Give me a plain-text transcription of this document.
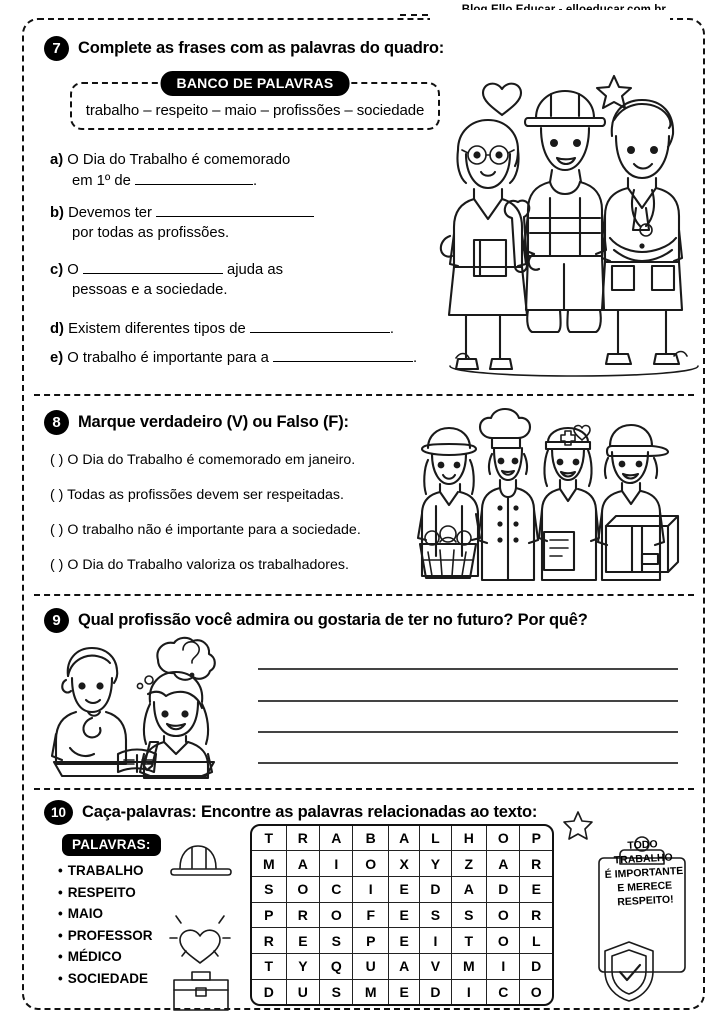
7	Complete as frases com as palavras do quadro:
BANCO DE PALAVRAS
trabalho – respeito – maio – profissões – sociedade
a) O Dia do Trabalho é comemorado
em 1º de	.
b) Devemos ter
por todas as profissões.
c) O	ajuda as
pessoas e a sociedade.
d) Existem diferentes tipos de	.
e) O trabalho é importante para a	.
8	Marque verdadeiro (V) ou Falso (F):
( ) O Dia do Trabalho é comemorado em janeiro.
( ) Todas as profissões devem ser respeitadas.
( ) O trabalho não é importante para a sociedade.
( ) O Dia do Trabalho valoriza os trabalhadores.
9	Qual profissão você admira ou gostaria de ter no futuro? Por quê?
10 Caça-palavras: Encontre as palavras relacionadas ao texto:
PALAVRAS:
• TRABALHO
• RESPEITO
• MAIO
• PROFESSOR
• MÉDICO
• SOCIEDADE
T	R	A	B	A	L	H	O	P
M	A	I	O	X	Y	Z	A	R
S	O	C	I	E	D	A	D	E
P	R	O	F	E	S	S	O	R
R	E	S	P	E	I	T	O	L
T	Y	Q	U	A	V	M	I	D
D	U	S	M	E	D	I	C	O
TODO
TRABALHO
É IMPORTANTE
E MERECE
RESPEITO!
